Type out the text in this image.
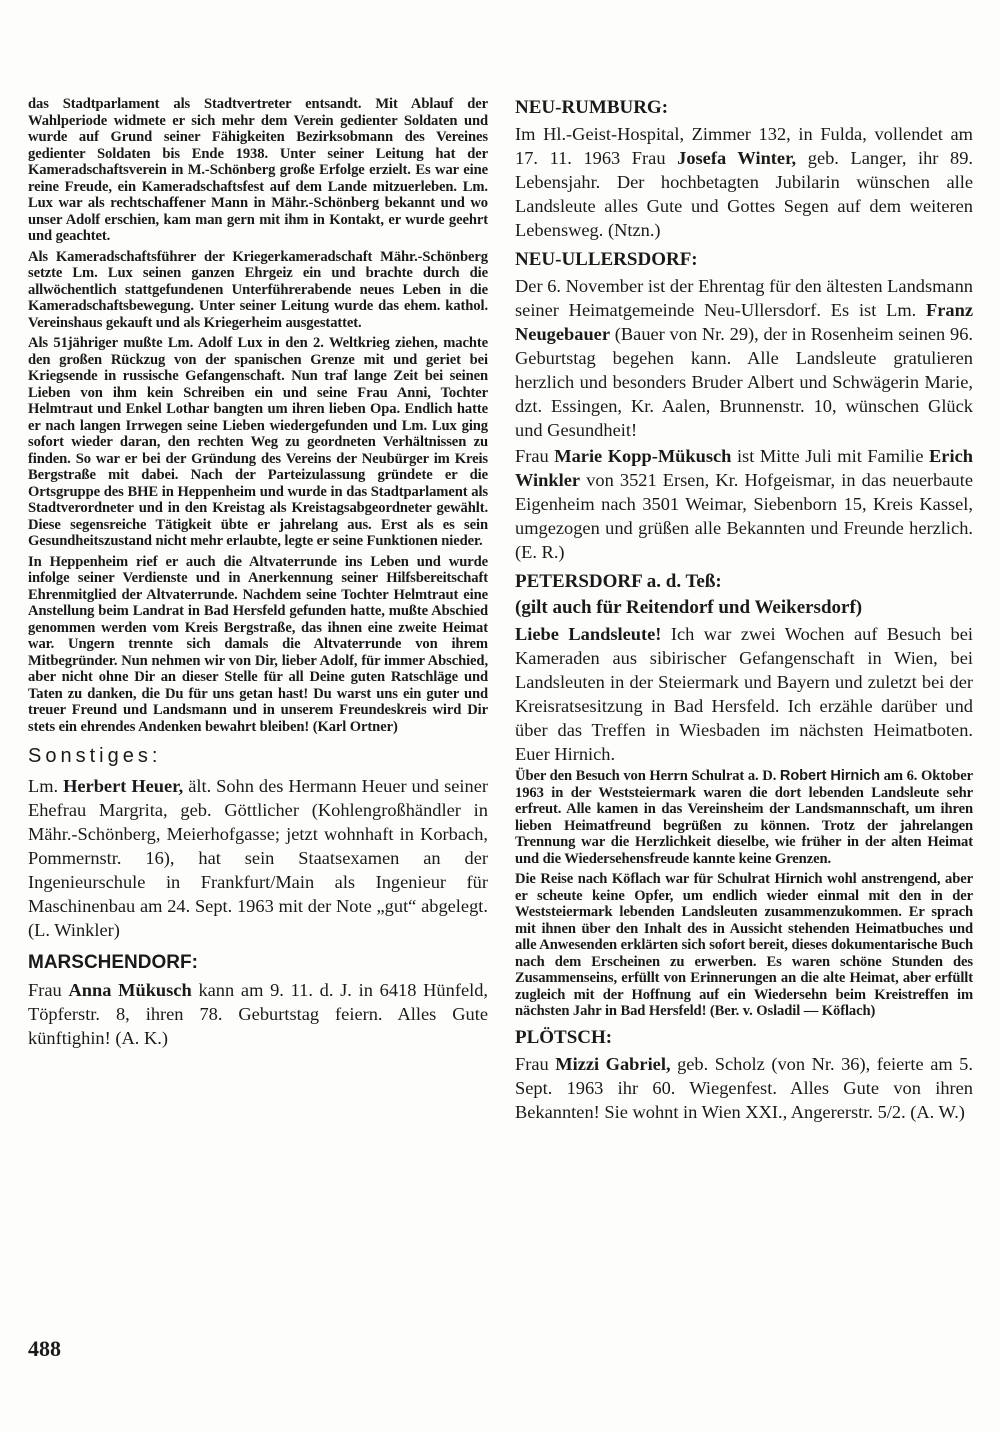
das Stadtparlament als Stadtvertreter entsandt. Mit Ablauf der Wahlperiode widmete er sich mehr dem Verein gedienter Soldaten und wurde auf Grund seiner Fähigkeiten Bezirksobmann des Vereines gedienter Soldaten bis Ende 1938. Unter seiner Leitung hat der Kameradschaftsverein in M.-Schönberg große Erfolge erzielt. Es war eine reine Freude, ein Kameradschaftsfest auf dem Lande mitzuerleben. Lm. Lux war als rechtschaffener Mann in Mähr.-Schönberg bekannt und wo unser Adolf erschien, kam man gern mit ihm in Kontakt, er wurde geehrt und geachtet.

Als Kameradschaftsführer der Kriegerkameradschaft Mähr.-Schönberg setzte Lm. Lux seinen ganzen Ehrgeiz ein und brachte durch die allwöchentlich stattgefundenen Unterführerabende neues Leben in die Kameradschaftsbewegung. Unter seiner Leitung wurde das ehem. kathol. Vereinshaus gekauft und als Kriegerheim ausgestattet.

Als 51jähriger mußte Lm. Adolf Lux in den 2. Weltkrieg ziehen, machte den großen Rückzug von der spanischen Grenze mit und geriet bei Kriegsende in russische Gefangenschaft. Nun traf lange Zeit bei seinen Lieben von ihm kein Schreiben ein und seine Frau Anni, Tochter Helmtraut und Enkel Lothar bangten um ihren lieben Opa. Endlich hatte er nach langen Irrwegen seine Lieben wiedergefunden und Lm. Lux ging sofort wieder daran, den rechten Weg zu geordneten Verhältnissen zu finden. So war er bei der Gründung des Vereins der Neubürger im Kreis Bergstraße mit dabei. Nach der Parteizulassung gründete er die Ortsgruppe des BHE in Heppenheim und wurde in das Stadtparlament als Stadtverordneter und in den Kreistag als Kreistagsabgeordneter gewählt. Diese segensreiche Tätigkeit übte er jahrelang aus. Erst als es sein Gesundheitszustand nicht mehr erlaubte, legte er seine Funktionen nieder.

In Heppenheim rief er auch die Altvaterrunde ins Leben und wurde infolge seiner Verdienste und in Anerkennung seiner Hilfsbereitschaft Ehrenmitglied der Altvaterrunde. Nachdem seine Tochter Helmtraut eine Anstellung beim Landrat in Bad Hersfeld gefunden hatte, mußte Abschied genommen werden vom Kreis Bergstraße, das ihnen eine zweite Heimat war. Ungern trennte sich damals die Altvaterrunde von ihrem Mitbegründer. Nun nehmen wir von Dir, lieber Adolf, für immer Abschied, aber nicht ohne Dir an dieser Stelle für all Deine guten Ratschläge und Taten zu danken, die Du für uns getan hast! Du warst uns ein guter und treuer Freund und Landsmann und in unserem Freundeskreis wird Dir stets ein ehrendes Andenken bewahrt bleiben! (Karl Ortner)

Sonstiges:

Lm. Herbert Heuer, ält. Sohn des Hermann Heuer und seiner Ehefrau Margrita, geb. Göttlicher (Kohlengroßhändler in Mähr.-Schönberg, Meierhofgasse; jetzt wohnhaft in Korbach, Pommernstr. 16), hat sein Staatsexamen an der Ingenieurschule in Frankfurt/Main als Ingenieur für Maschinenbau am 24. Sept. 1963 mit der Note „gut“ abgelegt. (L. Winkler)

MARSCHENDORF:

Frau Anna Mükusch kann am 9. 11. d. J. in 6418 Hünfeld, Töpferstr. 8, ihren 78. Geburtstag feiern. Alles Gute künftighin! (A. K.)

NEU-RUMBURG:

Im Hl.-Geist-Hospital, Zimmer 132, in Fulda, vollendet am 17. 11. 1963 Frau Josefa Winter, geb. Langer, ihr 89. Lebensjahr. Der hochbetagten Jubilarin wünschen alle Landsleute alles Gute und Gottes Segen auf dem weiteren Lebensweg. (Ntzn.)

NEU-ULLERSDORF:

Der 6. November ist der Ehrentag für den ältesten Landsmann seiner Heimatgemeinde Neu-Ullersdorf. Es ist Lm. Franz Neugebauer (Bauer von Nr. 29), der in Rosenheim seinen 96. Geburtstag begehen kann. Alle Landsleute gratulieren herzlich und besonders Bruder Albert und Schwägerin Marie, dzt. Essingen, Kr. Aalen, Brunnenstr. 10, wünschen Glück und Gesundheit!

Frau Marie Kopp-Mükusch ist Mitte Juli mit Familie Erich Winkler von 3521 Ersen, Kr. Hofgeismar, in das neuerbaute Eigenheim nach 3501 Weimar, Siebenborn 15, Kreis Kassel, umgezogen und grüßen alle Bekannten und Freunde herzlich. (E. R.)

PETERSDORF a. d. Teß:
(gilt auch für Reitendorf und Weikersdorf)

Liebe Landsleute! Ich war zwei Wochen auf Besuch bei Kameraden aus sibirischer Gefangenschaft in Wien, bei Landsleuten in der Steiermark und Bayern und zuletzt bei der Kreisratsesitzung in Bad Hersfeld. Ich erzähle darüber und über das Treffen in Wiesbaden im nächsten Heimatboten. Euer Hirnich.

Über den Besuch von Herrn Schulrat a. D. Robert Hirnich am 6. Oktober 1963 in der Weststeiermark waren die dort lebenden Landsleute sehr erfreut. Alle kamen in das Vereinsheim der Landsmannschaft, um ihren lieben Heimatfreund begrüßen zu können. Trotz der jahrelangen Trennung war die Herzlichkeit dieselbe, wie früher in der alten Heimat und die Wiedersehensfreude kannte keine Grenzen.

Die Reise nach Köflach war für Schulrat Hirnich wohl anstrengend, aber er scheute keine Opfer, um endlich wieder einmal mit den in der Weststeiermark lebenden Landsleuten zusammenzukommen. Er sprach mit ihnen über den Inhalt des in Aussicht stehenden Heimatbuches und alle Anwesenden erklärten sich sofort bereit, dieses dokumentarische Buch nach dem Erscheinen zu erwerben. Es waren schöne Stunden des Zusammenseins, erfüllt von Erinnerungen an die alte Heimat, aber erfüllt zugleich mit der Hoffnung auf ein Wiedersehn beim Kreistreffen im nächsten Jahr in Bad Hersfeld! (Ber. v. Osladil — Köflach)

PLÖTSCH:

Frau Mizzi Gabriel, geb. Scholz (von Nr. 36), feierte am 5. Sept. 1963 ihr 60. Wiegenfest. Alles Gute von ihren Bekannten! Sie wohnt in Wien XXI., Angererstr. 5/2. (A. W.)

488
